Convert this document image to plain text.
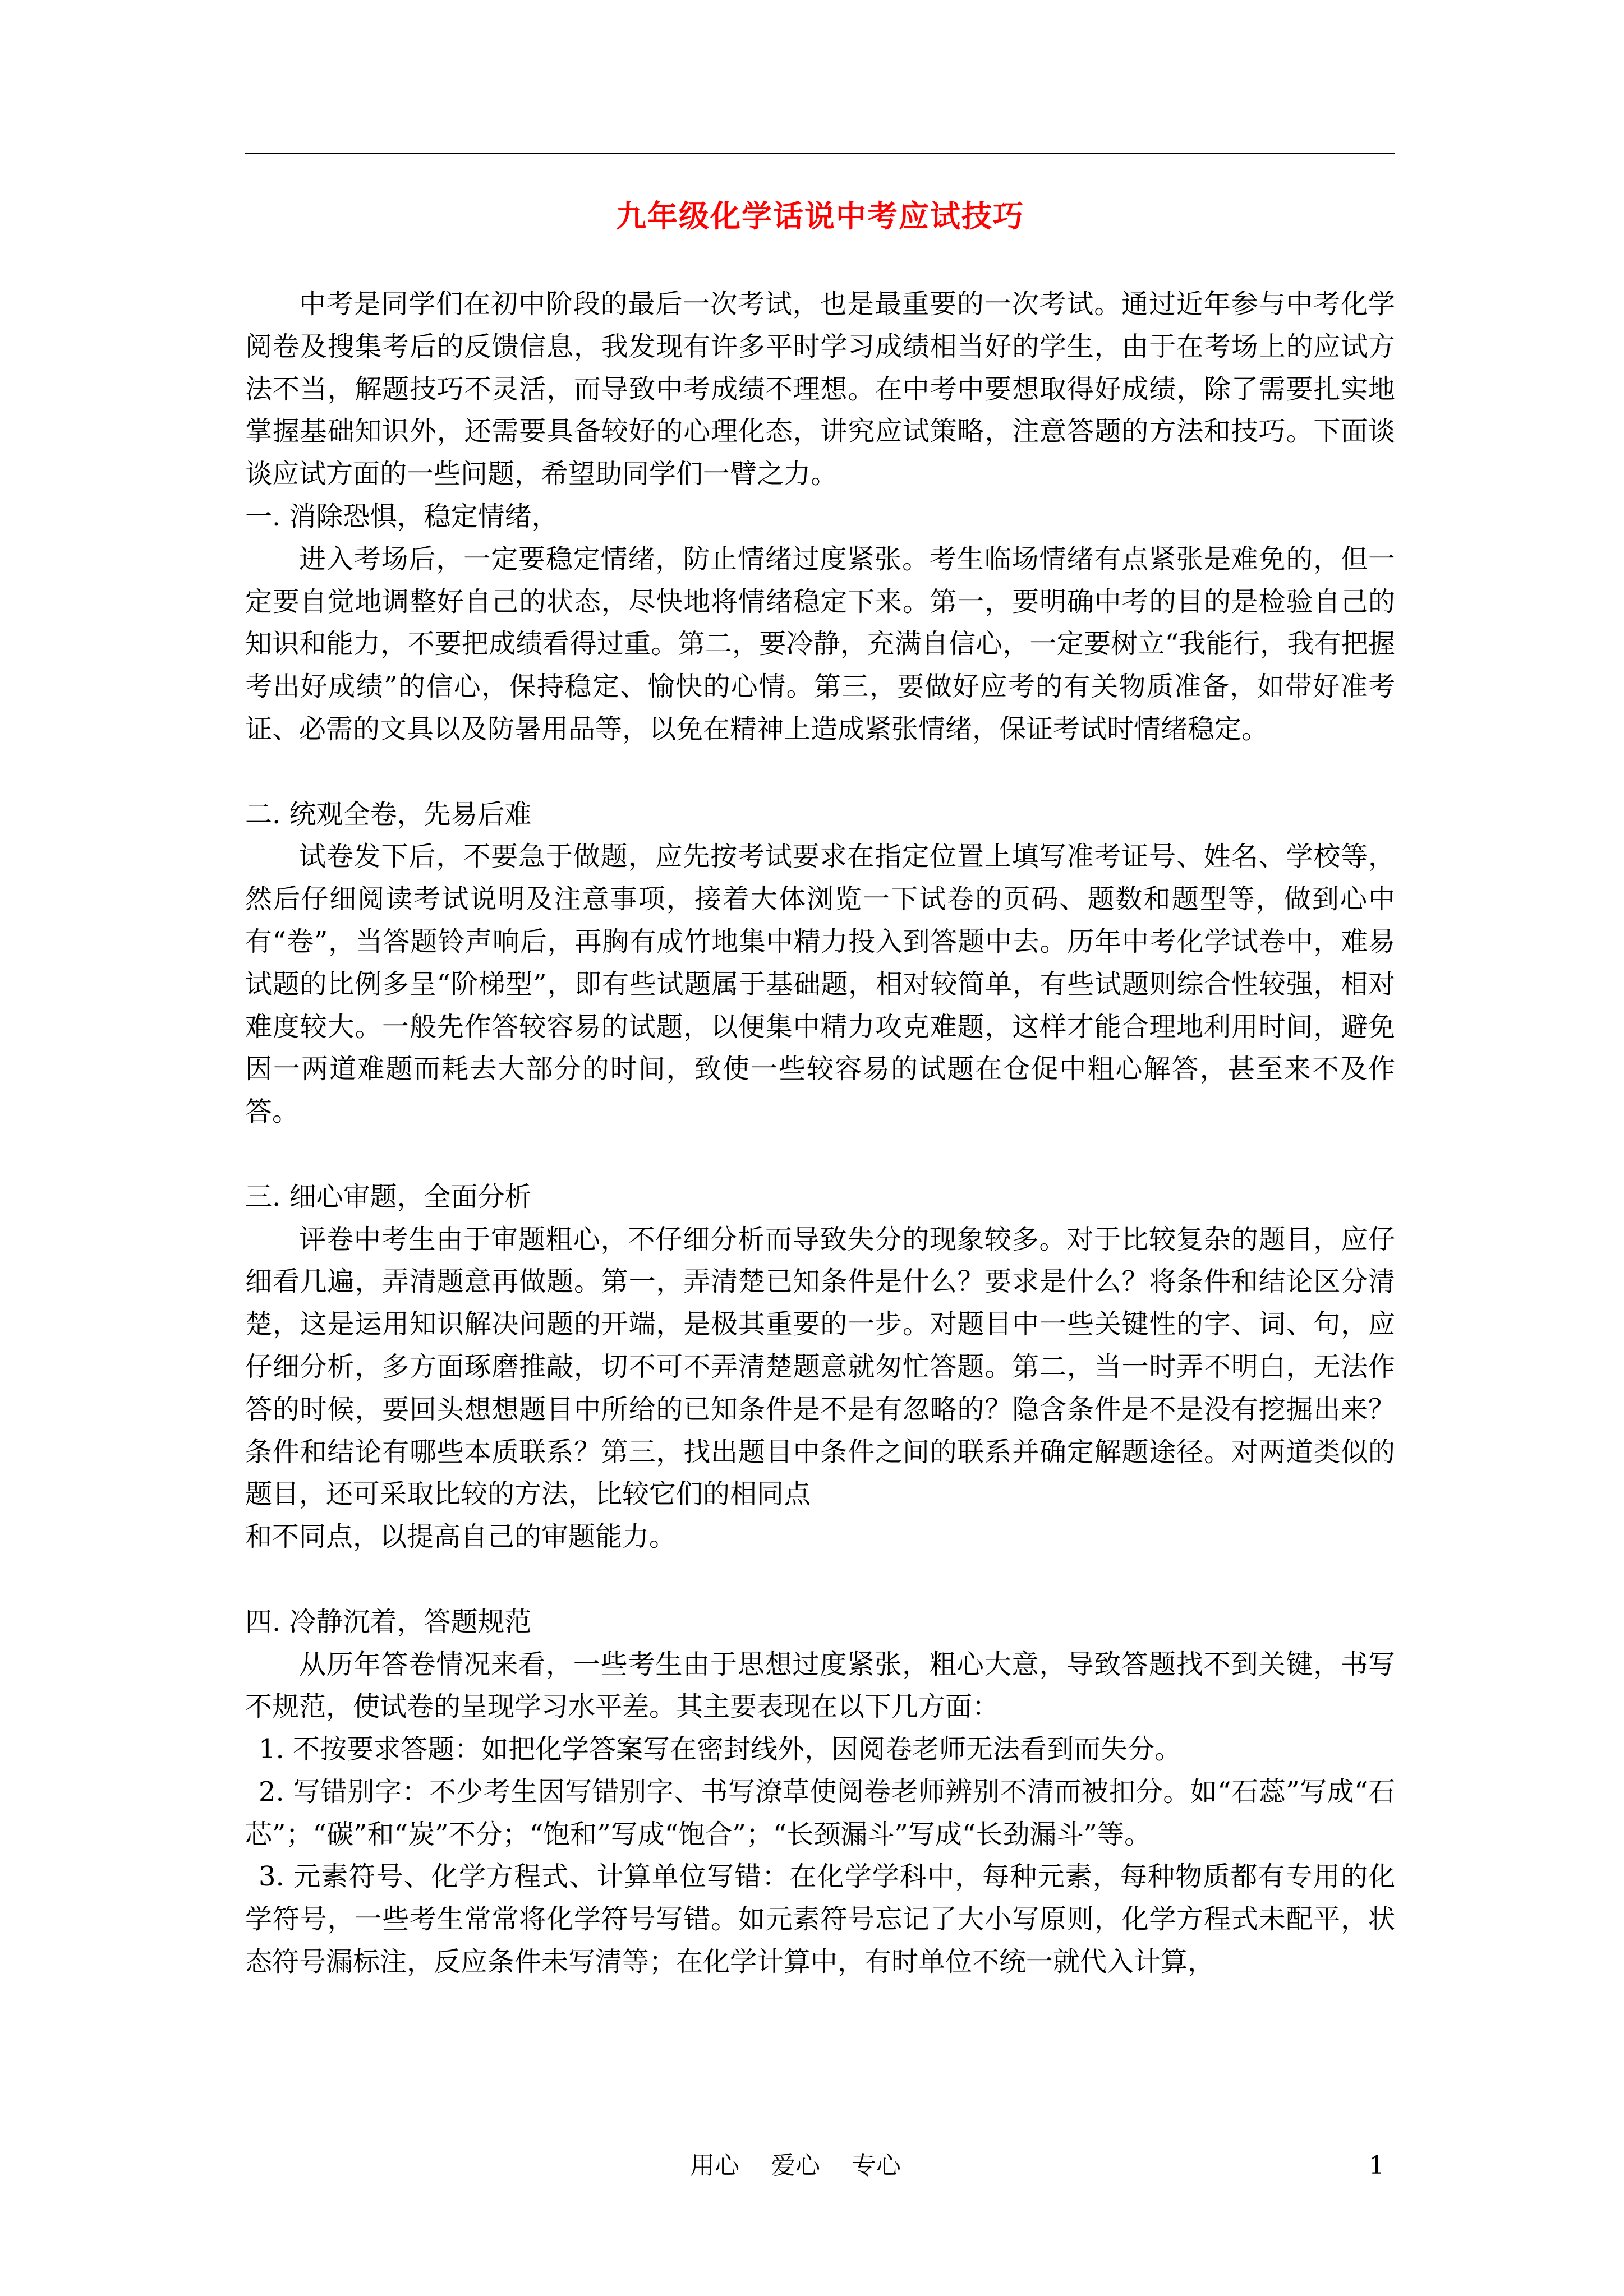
九年级化学话说中考应试技巧

中考是同学们在初中阶段的最后一次考试，也是最重要的一次考试。通过近年参与中考化学阅卷及搜集考后的反馈信息，我发现有许多平时学习成绩相当好的学生，由于在考场上的应试方法不当，解题技巧不灵活，而导致中考成绩不理想。在中考中要想取得好成绩，除了需要扎实地掌握基础知识外，还需要具备较好的心理化态，讲究应试策略，注意答题的方法和技巧。下面谈谈应试方面的一些问题，希望助同学们一臂之力。

一. 消除恐惧，稳定情绪，

进入考场后，一定要稳定情绪，防止情绪过度紧张。考生临场情绪有点紧张是难免的，但一定要自觉地调整好自己的状态，尽快地将情绪稳定下来。第一，要明确中考的目的是检验自己的知识和能力，不要把成绩看得过重。第二，要冷静，充满自信心，一定要树立“我能行，我有把握考出好成绩”的信心，保持稳定、愉快的心情。第三，要做好应考的有关物质准备，如带好准考证、必需的文具以及防暑用品等，以免在精神上造成紧张情绪，保证考试时情绪稳定。

二. 统观全卷，先易后难

试卷发下后，不要急于做题，应先按考试要求在指定位置上填写准考证号、姓名、学校等，然后仔细阅读考试说明及注意事项，接着大体浏览一下试卷的页码、题数和题型等，做到心中有“卷”，当答题铃声响后，再胸有成竹地集中精力投入到答题中去。历年中考化学试卷中，难易试题的比例多呈“阶梯型”，即有些试题属于基础题，相对较简单，有些试题则综合性较强，相对难度较大。一般先作答较容易的试题，以便集中精力攻克难题，这样才能合理地利用时间，避免因一两道难题而耗去大部分的时间，致使一些较容易的试题在仓促中粗心解答，甚至来不及作答。

三. 细心审题，全面分析

评卷中考生由于审题粗心，不仔细分析而导致失分的现象较多。对于比较复杂的题目，应仔细看几遍，弄清题意再做题。第一，弄清楚已知条件是什么？要求是什么？将条件和结论区分清楚，这是运用知识解决问题的开端，是极其重要的一步。对题目中一些关键性的字、词、句，应仔细分析，多方面琢磨推敲，切不可不弄清楚题意就匆忙答题。第二，当一时弄不明白，无法作答的时候，要回头想想题目中所给的已知条件是不是有忽略的？隐含条件是不是没有挖掘出来？条件和结论有哪些本质联系？第三，找出题目中条件之间的联系并确定解题途径。对两道类似的题目，还可采取比较的方法，比较它们的相同点

和不同点，以提高自己的审题能力。

四. 冷静沉着，答题规范

从历年答卷情况来看，一些考生由于思想过度紧张，粗心大意，导致答题找不到关键，书写不规范，使试卷的呈现学习水平差。其主要表现在以下几方面：

1. 不按要求答题：如把化学答案写在密封线外，因阅卷老师无法看到而失分。

2. 写错别字：不少考生因写错别字、书写潦草使阅卷老师辨别不清而被扣分。如“石蕊”写成“石芯”；“碳”和“炭”不分；“饱和”写成“饱合”；“长颈漏斗”写成“长劲漏斗”等。

3. 元素符号、化学方程式、计算单位写错：在化学学科中，每种元素，每种物质都有专用的化学符号，一些考生常常将化学符号写错。如元素符号忘记了大小写原则，化学方程式未配平，状态符号漏标注，反应条件未写清等；在化学计算中，有时单位不统一就代入计算，

用心    爱心    专心	1
